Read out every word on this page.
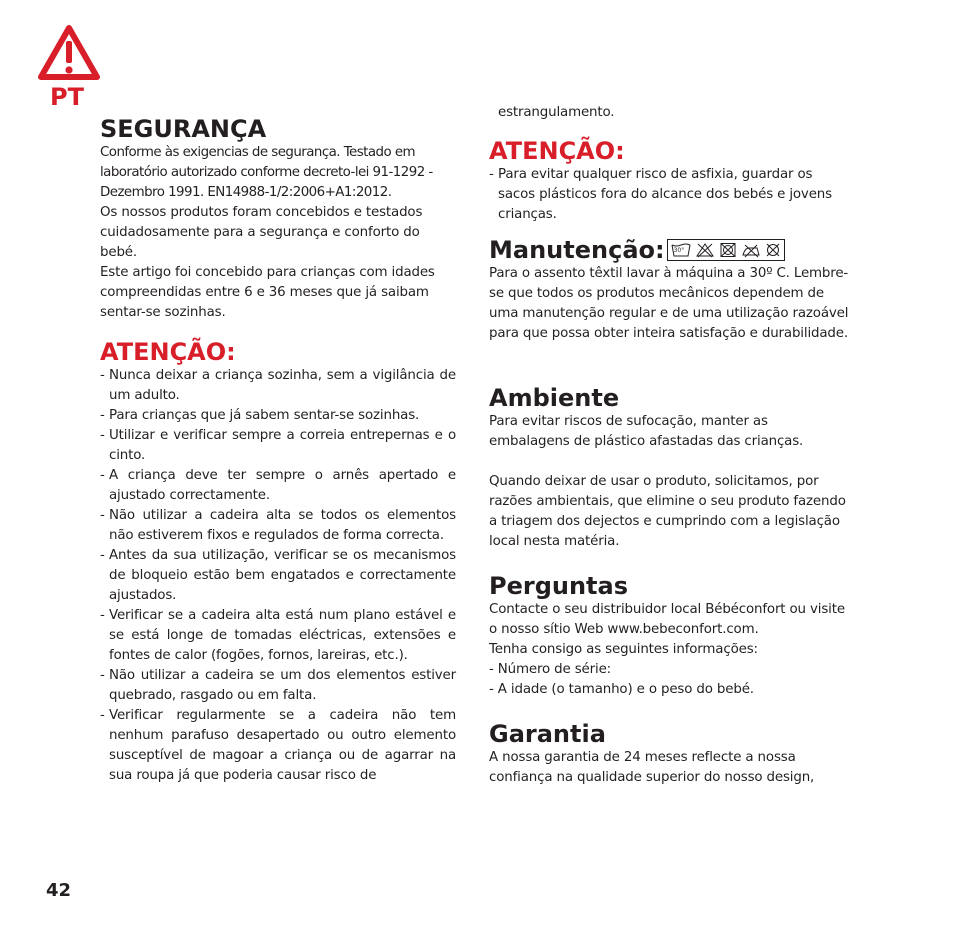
PT
SEGURANÇA

Conforme às exigencias de segurança. Testado em laboratório autorizado conforme decreto-lei 91-1292 - Dezembro 1991. EN14988-1/2:2006+A1:2012.

Os nossos produtos foram concebidos e testados cuidadosamente para a segurança e conforto do bebé.

Este artigo foi concebido para crianças com idades compreendidas entre 6 e 36 meses que já saibam sentar-se sozinhas.

ATENÇÃO:
- Nunca deixar a criança sozinha, sem a vigilância de um adulto.
- Para crianças que já sabem sentar-se sozinhas.
- Utilizar e verificar sempre a correia entrepernas e o cinto.
- A criança deve ter sempre o arnês apertado e ajustado correctamente.
- Não utilizar a cadeira alta se todos os elementos não estiverem fixos e regulados de forma correcta.
- Antes da sua utilização, verificar se os mecanismos de bloqueio estão bem engatados e correctamente ajustados.
- Verificar se a cadeira alta está num plano estável e se está longe de tomadas eléctricas, extensões e fontes de calor (fogões, fornos, lareiras, etc.).
- Não utilizar a cadeira se um dos elementos estiver quebrado, rasgado ou em falta.
- Verificar regularmente se a cadeira não tem nenhum parafuso desapertado ou outro elemento susceptível de magoar a criança ou de agarrar na sua roupa já que poderia causar risco de

estrangulamento.

ATENÇÃO:
- Para evitar qualquer risco de asfixia, guardar os sacos plásticos fora do alcance dos bebés e jovens crianças.
Manutenção: 30°

Para o assento têxtil lavar à máquina a 30º C. Lembre-se que todos os produtos mecânicos dependem de uma manutenção regular e de uma utilização razoável para que possa obter inteira satisfação e durabilidade.

Ambiente

Para evitar riscos de sufocação, manter as embalagens de plástico afastadas das crianças.

Quando deixar de usar o produto, solicitamos, por razões ambientais, que elimine o seu produto fazendo a triagem dos dejectos e cumprindo com a legislação local nesta matéria.

Perguntas

Contacte o seu distribuidor local Bébéconfort ou visite o nosso sítio Web www.bebeconfort.com.

Tenha consigo as seguintes informações:

- Número de série:

- A idade (o tamanho) e o peso do bebé.

Garantia

A nossa garantia de 24 meses reflecte a nossa confiança na qualidade superior do nosso design,

42
